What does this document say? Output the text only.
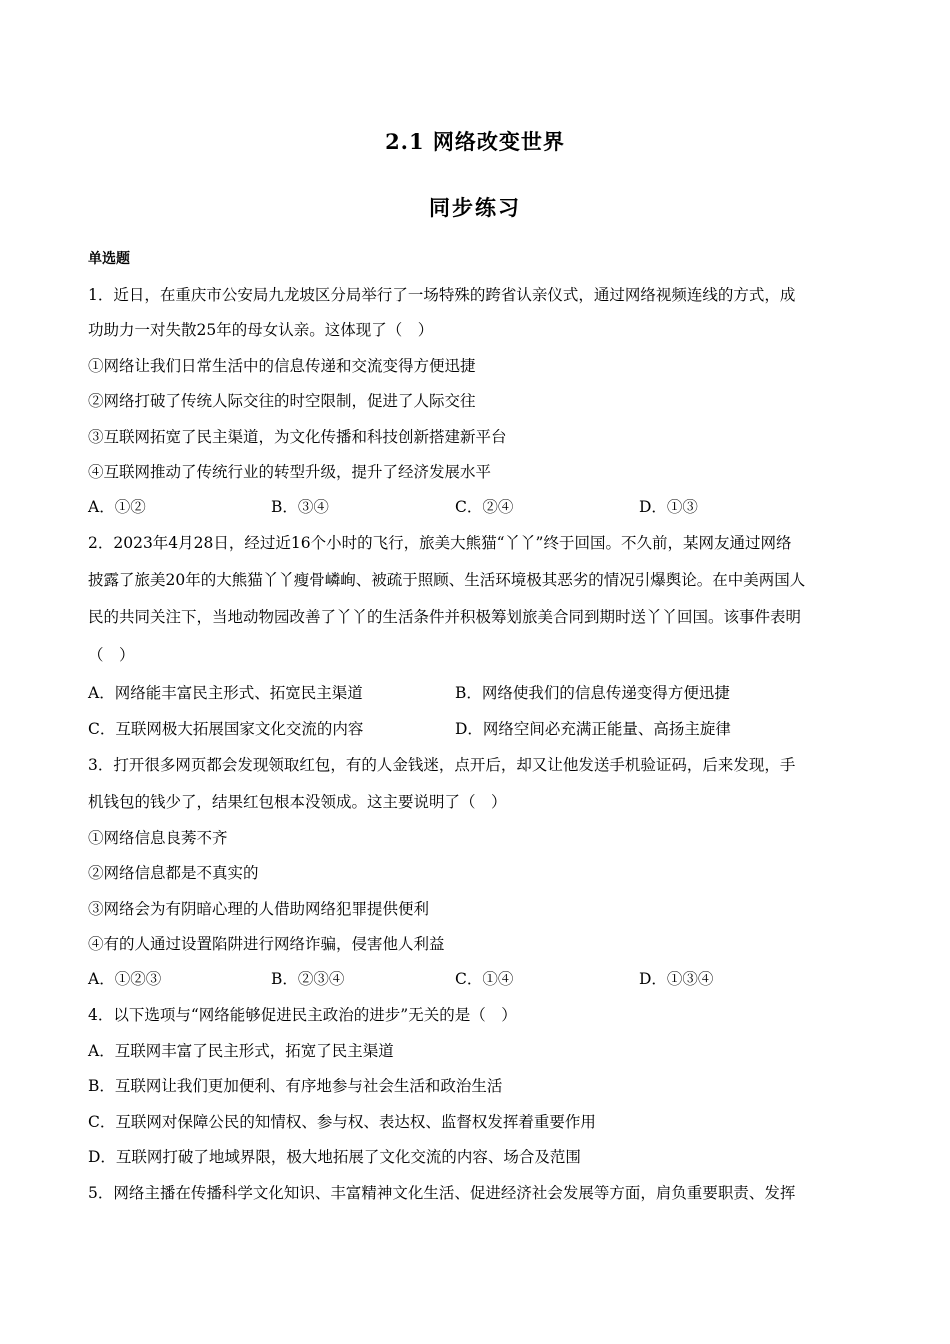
2.1 网络改变世界
同步练习
单选题
1．近日，在重庆市公安局九龙坡区分局举行了一场特殊的跨省认亲仪式，通过网络视频连线的方式，成
功助力一对失散25年的母女认亲。这体现了（　）
①网络让我们日常生活中的信息传递和交流变得方便迅捷
②网络打破了传统人际交往的时空限制，促进了人际交往
③互联网拓宽了民主渠道，为文化传播和科技创新搭建新平台
④互联网推动了传统行业的转型升级，提升了经济发展水平
A．①②	B．③④	C．②④	D．①③
2．2023年4月28日，经过近16个小时的飞行，旅美大熊猫“丫丫”终于回国。不久前，某网友通过网络
披露了旅美20年的大熊猫丫丫瘦骨嶙峋、被疏于照顾、生活环境极其恶劣的情况引爆舆论。在中美两国人
民的共同关注下，当地动物园改善了丫丫的生活条件并积极筹划旅美合同到期时送丫丫回国。该事件表明
（　）
A．网络能丰富民主形式、拓宽民主渠道	B．网络使我们的信息传递变得方便迅捷
C．互联网极大拓展国家文化交流的内容	D．网络空间必充满正能量、高扬主旋律
3．打开很多网页都会发现领取红包，有的人金钱迷，点开后，却又让他发送手机验证码，后来发现，手
机钱包的钱少了，结果红包根本没领成。这主要说明了（　）
①网络信息良莠不齐
②网络信息都是不真实的
③网络会为有阴暗心理的人借助网络犯罪提供便利
④有的人通过设置陷阱进行网络诈骗，侵害他人利益
A．①②③	B．②③④	C．①④	D．①③④
4．以下选项与“网络能够促进民主政治的进步”无关的是（　）
A．互联网丰富了民主形式，拓宽了民主渠道
B．互联网让我们更加便利、有序地参与社会生活和政治生活
C．互联网对保障公民的知情权、参与权、表达权、监督权发挥着重要作用
D．互联网打破了地域界限，极大地拓展了文化交流的内容、场合及范围
5．网络主播在传播科学文化知识、丰富精神文化生活、促进经济社会发展等方面，肩负重要职责、发挥
